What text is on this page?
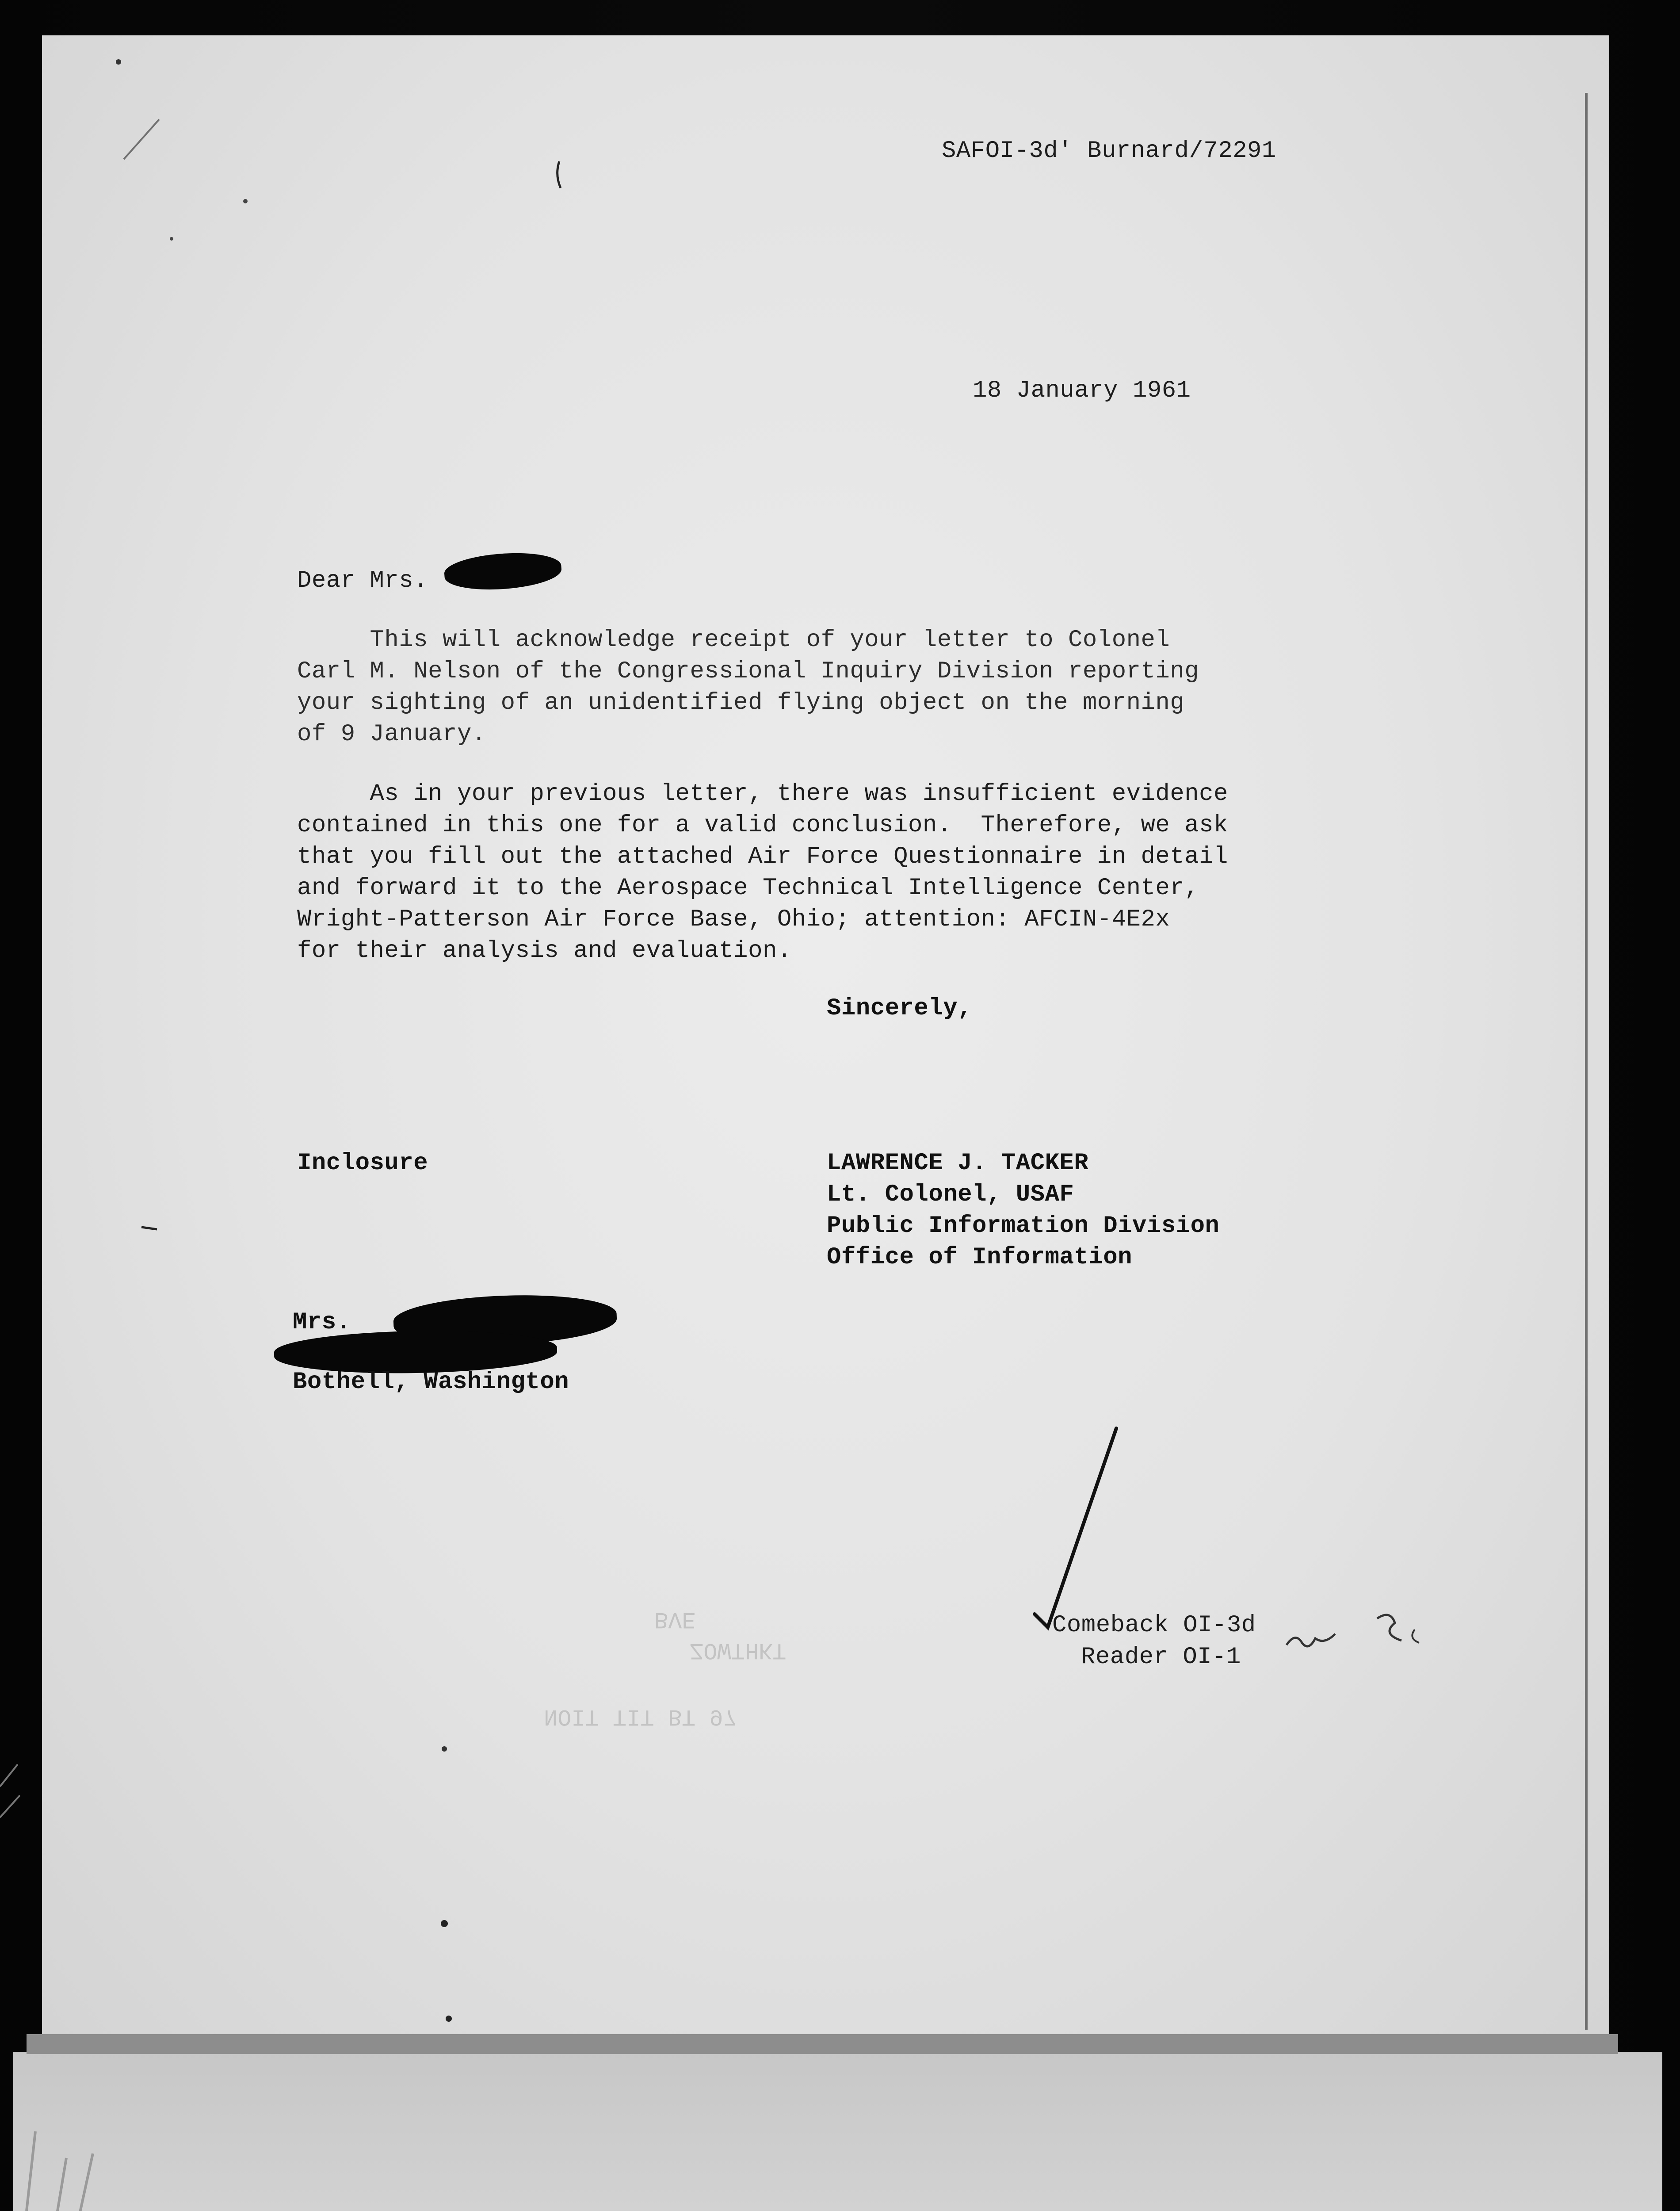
SAFOI-3d' Burnard/72291

18 January 1961

Dear Mrs.

This will acknowledge receipt of your letter to Colonel

Carl M. Nelson of the Congressional Inquiry Division reporting

your sighting of an unidentified flying object on the morning

of 9 January.

As in your previous letter, there was insufficient evidence

contained in this one for a valid conclusion.  Therefore, we ask

that you fill out the attached Air Force Questionnaire in detail

and forward it to the Aerospace Technical Intelligence Center,

Wright-Patterson Air Force Base, Ohio; attention: AFCIN-4E2x

for their analysis and evaluation.

Sincerely,

Inclosure	LAWRENCE J. TACKER

Lt. Colonel, USAF

Public Information Division

Office of Information

Mrs.

Bothell, Washington

Comeback OI-3d

Reader OI-1

BVE

ZOWTHKT

NOIT TIT BT 97
